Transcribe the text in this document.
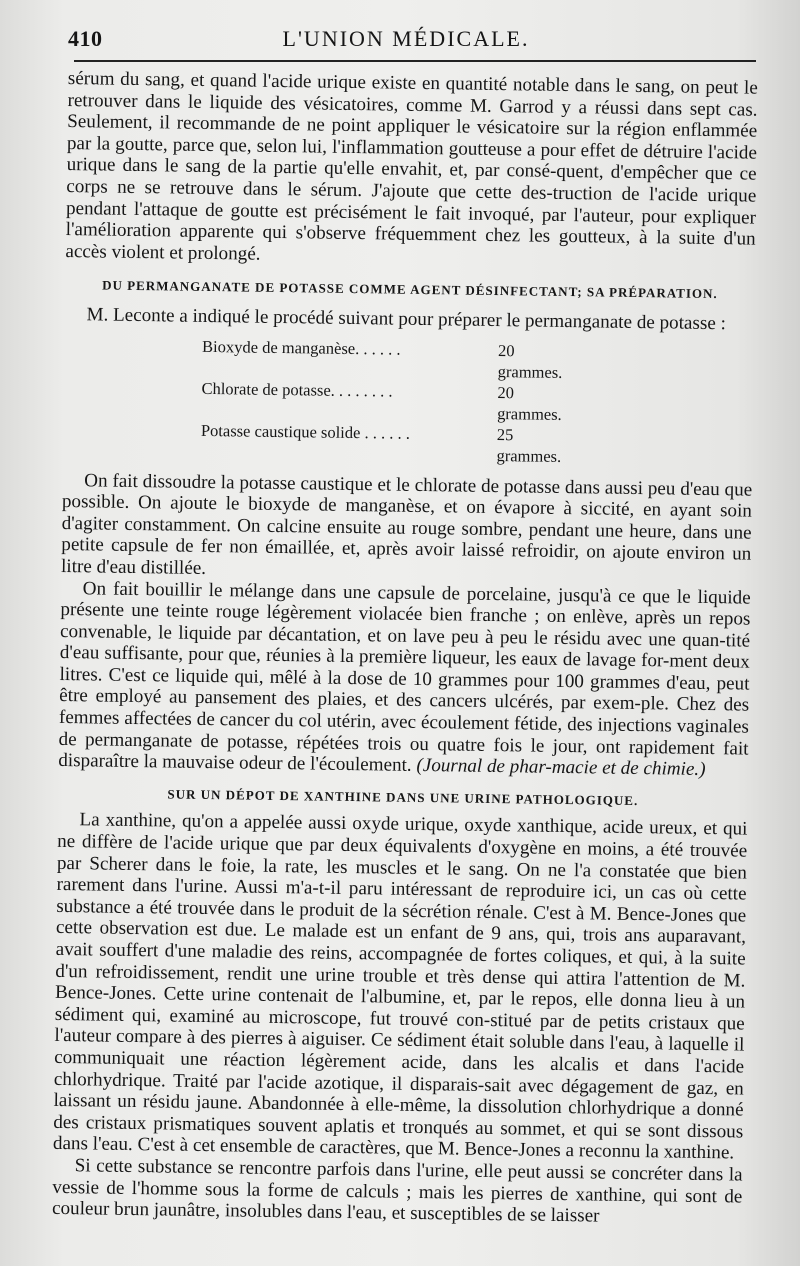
410	L'UNION MÉDICALE.

sérum du sang, et quand l'acide urique existe en quantité notable dans le sang, on peut le retrouver dans le liquide des vésicatoires, comme M. Garrod y a réussi dans sept cas. Seulement, il recommande de ne point appliquer le vésicatoire sur la région enflammée par la goutte, parce que, selon lui, l'inflammation goutteuse a pour effet de détruire l'acide urique dans le sang de la partie qu'elle envahit, et, par consé-quent, d'empêcher que ce corps ne se retrouve dans le sérum. J'ajoute que cette des-truction de l'acide urique pendant l'attaque de goutte est précisément le fait invoqué, par l'auteur, pour expliquer l'amélioration apparente qui s'observe fréquemment chez les goutteux, à la suite d'un accès violent et prolongé.

DU PERMANGANATE DE POTASSE COMME AGENT DÉSINFECTANT; SA PRÉPARATION.

M. Leconte a indiqué le procédé suivant pour préparer le permanganate de potasse :

Bioxyde de manganèse. . . . . .	20 grammes.
Chlorate de potasse. . . . . . . .	20 grammes.
Potasse caustique solide . . . . . .	25 grammes.

On fait dissoudre la potasse caustique et le chlorate de potasse dans aussi peu d'eau que possible. On ajoute le bioxyde de manganèse, et on évapore à siccité, en ayant soin d'agiter constamment. On calcine ensuite au rouge sombre, pendant une heure, dans une petite capsule de fer non émaillée, et, après avoir laissé refroidir, on ajoute environ un litre d'eau distillée.

On fait bouillir le mélange dans une capsule de porcelaine, jusqu'à ce que le liquide présente une teinte rouge légèrement violacée bien franche ; on enlève, après un repos convenable, le liquide par décantation, et on lave peu à peu le résidu avec une quan-tité d'eau suffisante, pour que, réunies à la première liqueur, les eaux de lavage for-ment deux litres. C'est ce liquide qui, mêlé à la dose de 10 grammes pour 100 grammes d'eau, peut être employé au pansement des plaies, et des cancers ulcérés, par exem-ple. Chez des femmes affectées de cancer du col utérin, avec écoulement fétide, des injections vaginales de permanganate de potasse, répétées trois ou quatre fois le jour, ont rapidement fait disparaître la mauvaise odeur de l'écoulement. (Journal de phar-macie et de chimie.)

SUR UN DÉPOT DE XANTHINE DANS UNE URINE PATHOLOGIQUE.

La xanthine, qu'on a appelée aussi oxyde urique, oxyde xanthique, acide ureux, et qui ne diffère de l'acide urique que par deux équivalents d'oxygène en moins, a été trouvée par Scherer dans le foie, la rate, les muscles et le sang. On ne l'a constatée que bien rarement dans l'urine. Aussi m'a-t-il paru intéressant de reproduire ici, un cas où cette substance a été trouvée dans le produit de la sécrétion rénale. C'est à M. Bence-Jones que cette observation est due. Le malade est un enfant de 9 ans, qui, trois ans auparavant, avait souffert d'une maladie des reins, accompagnée de fortes coliques, et qui, à la suite d'un refroidissement, rendit une urine trouble et très dense qui attira l'attention de M. Bence-Jones. Cette urine contenait de l'albumine, et, par le repos, elle donna lieu à un sédiment qui, examiné au microscope, fut trouvé con-stitué par de petits cristaux que l'auteur compare à des pierres à aiguiser. Ce sédiment était soluble dans l'eau, à laquelle il communiquait une réaction légèrement acide, dans les alcalis et dans l'acide chlorhydrique. Traité par l'acide azotique, il disparais-sait avec dégagement de gaz, en laissant un résidu jaune. Abandonnée à elle-même, la dissolution chlorhydrique a donné des cristaux prismatiques souvent aplatis et tronqués au sommet, et qui se sont dissous dans l'eau. C'est à cet ensemble de caractères, que M. Bence-Jones a reconnu la xanthine.

Si cette substance se rencontre parfois dans l'urine, elle peut aussi se concréter dans la vessie de l'homme sous la forme de calculs ; mais les pierres de xanthine, qui sont de couleur brun jaunâtre, insolubles dans l'eau, et susceptibles de se laisser
